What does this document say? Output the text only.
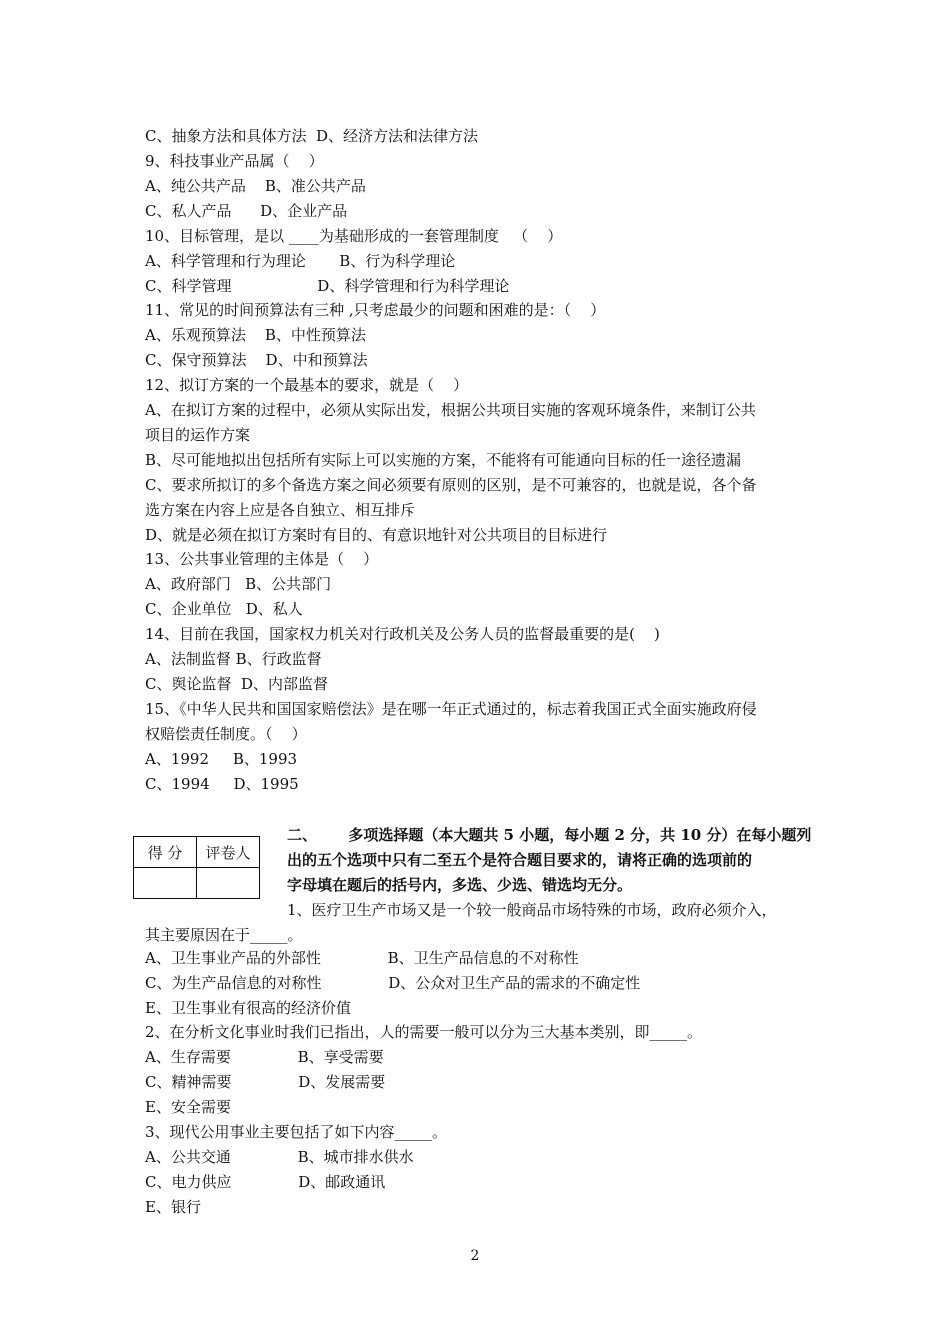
C、抽象方法和具体方法  D、经济方法和法律方法
9、科技事业产品属（    ）
A、纯公共产品    B、准公共产品
C、私人产品      D、企业产品
10、目标管理，是以 ____为基础形成的一套管理制度   （    ）
A、科学管理和行为理论       B、行为科学理论
C、科学管理                  D、科学管理和行为科学理论
11、常见的时间预算法有三种 ,只考虑最少的问题和困难的是：（    ）
A、乐观预算法    B、中性预算法
C、保守预算法    D、中和预算法
12、拟订方案的一个最基本的要求，就是（    ）
A、在拟订方案的过程中，必须从实际出发，根据公共项目实施的客观环境条件，来制订公共
项目的运作方案
B、尽可能地拟出包括所有实际上可以实施的方案，不能将有可能通向目标的任一途径遗漏
C、要求所拟订的多个备选方案之间必须要有原则的区别，是不可兼容的，也就是说，各个备
选方案在内容上应是各自独立、相互排斥
D、就是必须在拟订方案时有目的、有意识地针对公共项目的目标进行
13、公共事业管理的主体是（    ）
A、政府部门   B、公共部门
C、企业单位   D、私人
14、目前在我国，国家权力机关对行政机关及公务人员的监督最重要的是(    )
A、法制监督 B、行政监督
C、舆论监督  D、内部监督
15、《中华人民共和国国家赔偿法》是在哪一年正式通过的，标志着我国正式全面实施政府侵
权赔偿责任制度。（    ）
A、1992     B、1993
C、1994     D、1995
得 分	评卷人

二、      多项选择题（本大题共 5 小题，每小题 2 分，共 10 分）在每小题列
出的五个选项中只有二至五个是符合题目要求的，请将正确的选项前的
字母填在题后的括号内，多选、少选、错选均无分。
1、医疗卫生产市场又是一个较一般商品市场特殊的市场，政府必须介入，
其主要原因在于_____。
A、卫生事业产品的外部性              B、卫生产品信息的不对称性
C、为生产品信息的对称性              D、公众对卫生产品的需求的不确定性
E、卫生事业有很高的经济价值
2、在分析文化事业时我们已指出，人的需要一般可以分为三大基本类别，即_____。
A、生存需要              B、享受需要
C、精神需要              D、发展需要
E、安全需要
3、现代公用事业主要包括了如下内容_____。
A、公共交通              B、城市排水供水
C、电力供应              D、邮政通讯
E、银行
2
